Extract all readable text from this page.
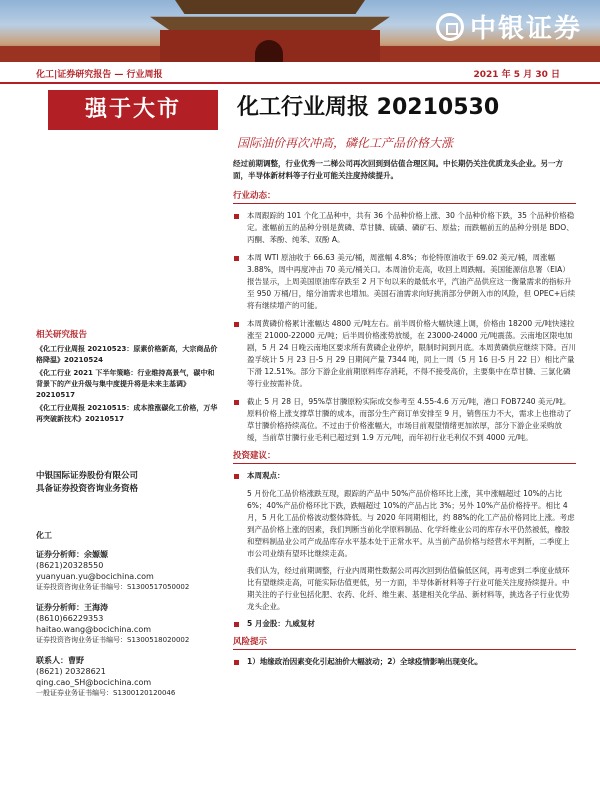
中银证券
化工|证券研究报告 — 行业周报	2021 年 5 月 30 日
强于大市	化工行业周报 20210530
国际油价再次冲高，磷化工产品价格大涨
相关研究报告
《化工行业周报 20210523：原素价格新高，大宗商品价格降温》20210524
《化工行业 2021 下半年策略：行业维持高景气，碳中和背景下的产业升级与集中度提升将是未来主基调》20210517
《化工行业周报 20210515：成本推涨碳化工价格，万华再突破新技术》20210517
中银国际证券股份有限公司
具备证券投资咨询业务资格
化工
证券分析师：余嫄嫄
(8621)20328550
yuanyuan.yu@bocichina.com
证券投资咨询业务证书编号：S1300517050002
证券分析师：王海涛
(8610)66229353
haitao.wang@bocichina.com
证券投资咨询业务证书编号：S1300518020002
联系人：曹野
(8621) 20328621
qing.cao_SH@bocichina.com
一般证券业务证书编号：S1300120120046
经过前期调整，行业优秀一二梯公司再次回到到估值合理区间。中长期仍关注优质龙头企业。另一方面，半导体新材料等子行业可能关注度持续提升。
行业动态：
本周跟踪的 101 个化工品种中，共有 36 个品种价格上涨、30 个品种价格下跌，35 个品种价格稳定。涨幅前五的品种分别是黄磷、草甘膦、硫磺、磷矿石、原盐；而跌幅前五的品种分别是 BDO、丙酮、苯酚、纯苯、双酚 A。
本周 WTI 原油收于 66.63 美元/桶，周涨幅 4.8%；布伦特原油收于 69.02 美元/桶，周涨幅 3.88%，周中再度冲击 70 美元/桶关口。本周油价走高，收回上周跌幅。美国能源信息署（EIA）报告显示，上周美国原油库存跌至 2 月下旬以来的最低水平，汽油产品供应这一衡量需求的指标升至 950 万桶/日，缩分油需求也增加。美国石油需求向好挑消部分伊朗入市的风险，但 OPEC+后续将有继续增产的可能。
本周黄磷价格累计涨幅达 4800 元/吨左右。前半周价格大幅快速上调，价格由 18200 元/吨快速拉涨至 21000-22000 元/吨；后半周价格涨势放缓，在 23000-24000 元/吨震荡。云南地区限电加剧，5 月 24 日晚云南地区要求所有黄磷企业停炉，限制时间到月底。本周黄磷供应继续下降。百川盈孚统计 5 月 23 日-5 月 29 日期间产量 7344 吨，同上一周（5 月 16 日-5 月 22 日）相比产量下滑 12.51%。部分下游企业前期原料库存消耗，不得不接受高价，主要集中在草甘膦、三氯化磷等行业按需补货。
截止 5 月 28 日，95%草甘膦原粉实际成交参考至 4.55-4.6 万元/吨，港口 FOB7240 美元/吨。原料价格上涨支撑草甘膦的成本，而部分生产商订单安排至 9 月，销售压力不大，需求上也推动了草甘膦价格持续高位。不过由于价格涨幅大，市场目前观望情绪更加浓厚，部分下游企业采购放缓，当前草甘膦行业毛利已超过到 1.9 万元/吨，而年初行业毛利仅不到 4000 元/吨。
投资建议：
本周观点：
5 月份化工品价格涨跌互现，跟踪的产品中 50%产品价格环比上涨，其中涨幅超过 10%的占比 6%；40%产品价格环比下跌，跌幅超过 10%的产品占比 3%；另外 10%产品价格持平。相比 4 月，5 月化工品价格波动整体降低。与 2020 年同期相比，约 88%的化工产品价格同比上涨。考虑到产品价格上涨的因素，我们判断当前化学原料制品、化学纤维业公司的库存水平仍然被低，橡胶和塑料制品业公司产成品库存水平基本处于正常水平。从当前产品价格与经营水平判断，二季度上市公司业绩有望环比继续走高。
我们认为，经过前期调整，行业内周期性数据公司再次回到估值偏低区间，再考虑到二季度业绩环比有望继续走高，可能实际估值更低，另一方面，半导体新材料等子行业可能关注度持续提升。中期关注的子行业包括化肥、农药、化纤、维生素、基建相关化学品、新材料等，挑选各子行业优势龙头企业。
5 月金股：九威复材
风险提示
1）地缘政治因素变化引起油价大幅波动；2）全球疫情影响出现变化。
